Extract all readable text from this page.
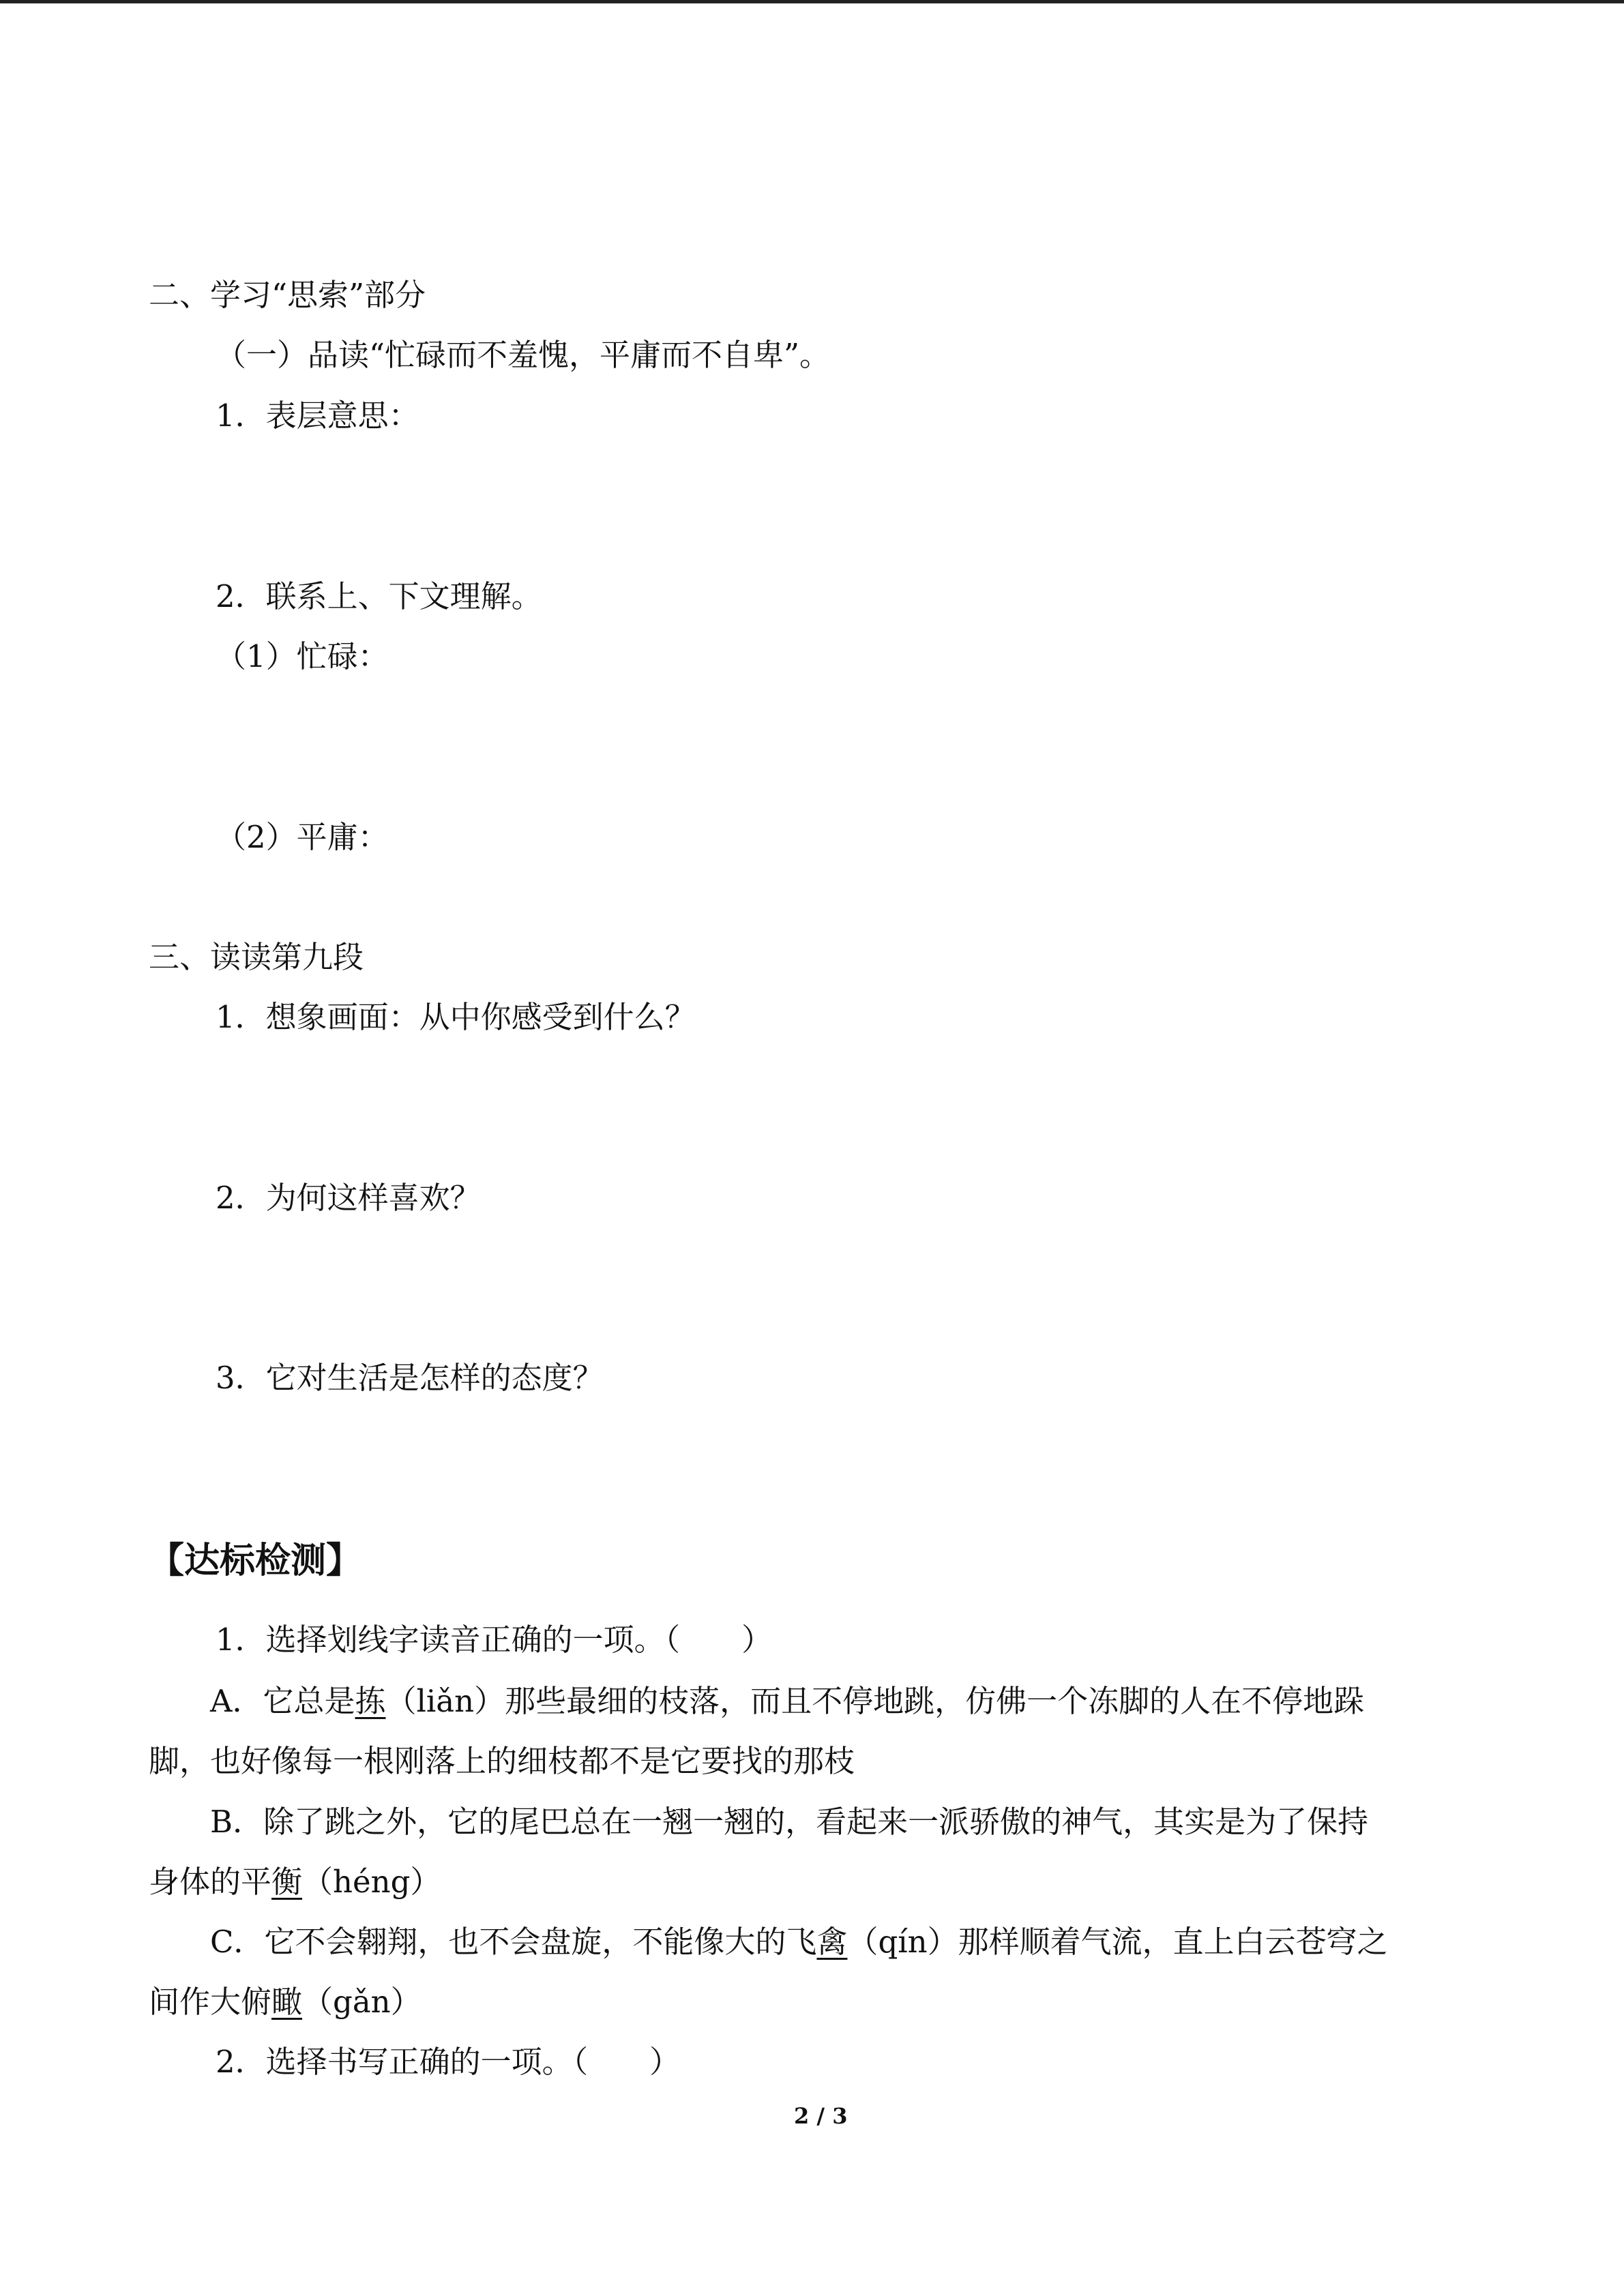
二、学习“思索”部分
（一）品读“忙碌而不羞愧，平庸而不自卑”。
1．表层意思：
2．联系上、下文理解。
（1）忙碌：
（2）平庸：
三、读读第九段
1．想象画面：从中你感受到什么？
2．为何这样喜欢？
3．它对生活是怎样的态度？
【达标检测】
1．选择划线字读音正确的一项。（　　）
A．它总是拣（liǎn）那些最细的枝落，而且不停地跳，仿佛一个冻脚的人在不停地跺
脚，也好像每一根刚落上的细枝都不是它要找的那枝
B．除了跳之外，它的尾巴总在一翘一翘的，看起来一派骄傲的神气，其实是为了保持
身体的平衡（héng）
C．它不会翱翔，也不会盘旋，不能像大的飞禽（qín）那样顺着气流，直上白云苍穹之
间作大俯瞰（gǎn）
2．选择书写正确的一项。（　　）
2 / 3
